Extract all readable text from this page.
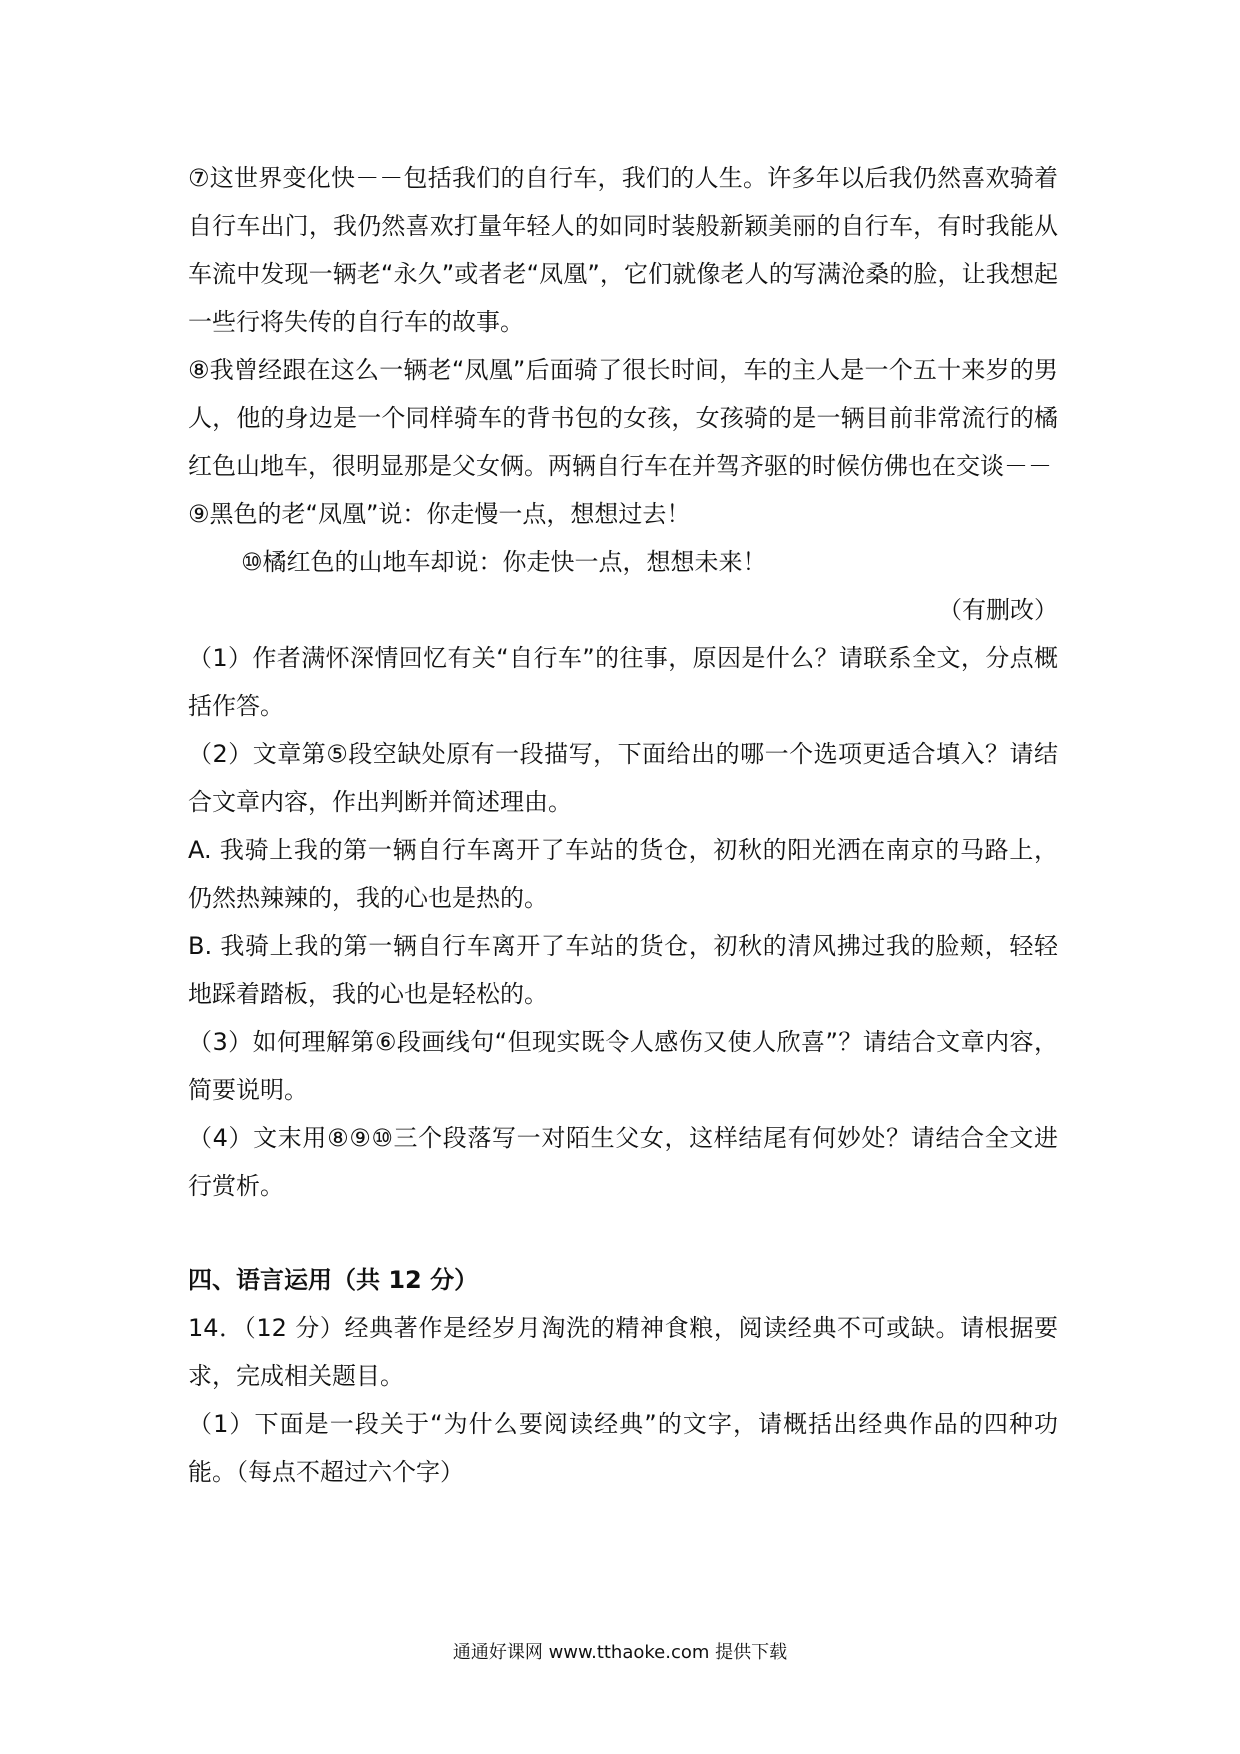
⑦这世界变化快－－包括我们的自行车，我们的人生。许多年以后我仍然喜欢骑着自行车出门，我仍然喜欢打量年轻人的如同时装般新颖美丽的自行车，有时我能从车流中发现一辆老“永久”或者老“凤凰”，它们就像老人的写满沧桑的脸，让我想起一些行将失传的自行车的故事。

⑧我曾经跟在这么一辆老“凤凰”后面骑了很长时间，车的主人是一个五十来岁的男人，他的身边是一个同样骑车的背书包的女孩，女孩骑的是一辆目前非常流行的橘红色山地车，很明显那是父女俩。两辆自行车在并驾齐驱的时候仿佛也在交谈－－

⑨黑色的老“凤凰”说：你走慢一点，想想过去！

⑩橘红色的山地车却说：你走快一点，想想未来！

（有删改）

（1）作者满怀深情回忆有关“自行车”的往事，原因是什么？请联系全文，分点概括作答。

（2）文章第⑤段空缺处原有一段描写，下面给出的哪一个选项更适合填入？请结合文章内容，作出判断并简述理由。

A. 我骑上我的第一辆自行车离开了车站的货仓，初秋的阳光洒在南京的马路上，仍然热辣辣的，我的心也是热的。

B. 我骑上我的第一辆自行车离开了车站的货仓，初秋的清风拂过我的脸颊，轻轻地踩着踏板，我的心也是轻松的。

（3）如何理解第⑥段画线句“但现实既令人感伤又使人欣喜”？请结合文章内容，简要说明。

（4）文末用⑧⑨⑩三个段落写一对陌生父女，这样结尾有何妙处？请结合全文进行赏析。

四、语言运用（共 12 分）

14．（12 分）经典著作是经岁月淘洗的精神食粮，阅读经典不可或缺。请根据要求，完成相关题目。

（1）下面是一段关于“为什么要阅读经典”的文字，请概括出经典作品的四种功能。（每点不超过六个字）

通通好课网 www.tthaoke.com 提供下载
